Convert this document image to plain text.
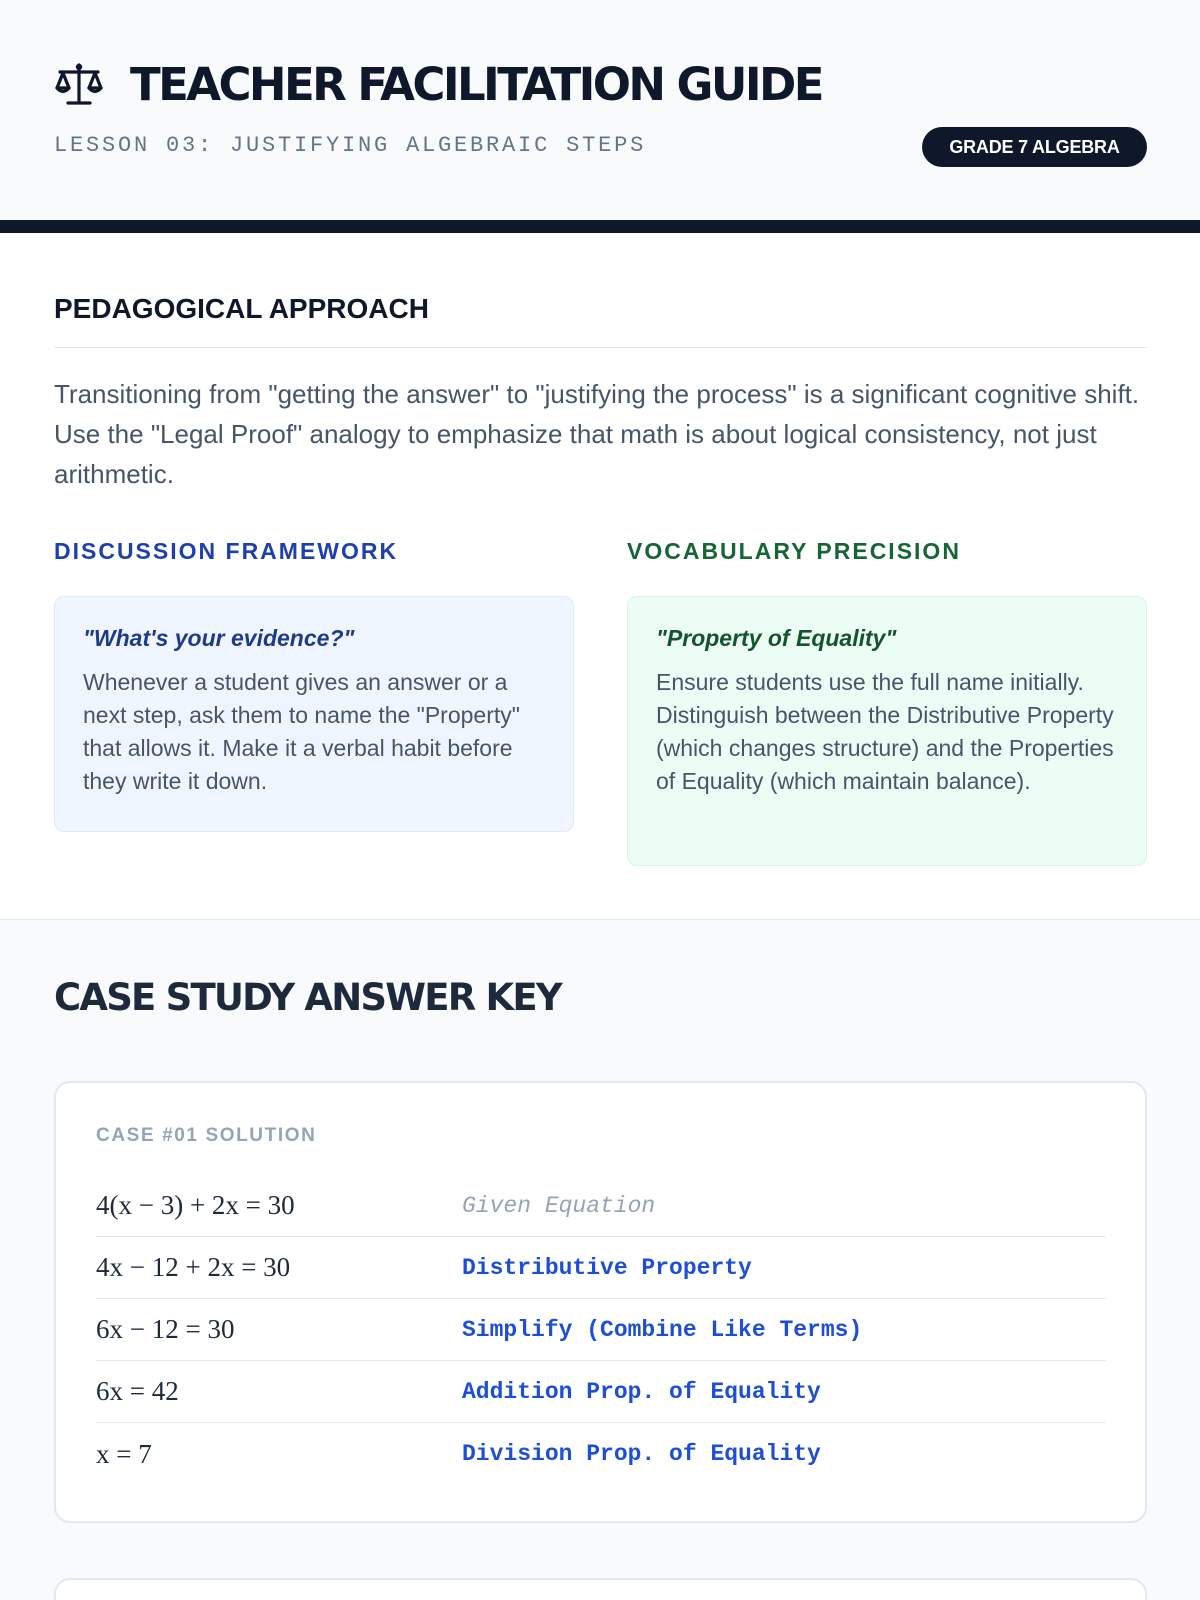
TEACHER FACILITATION GUIDE
LESSON 03: JUSTIFYING ALGEBRAIC STEPS	GRADE 7 ALGEBRA
PEDAGOGICAL APPROACH

Transitioning from "getting the answer" to "justifying the process" is a significant cognitive shift. Use the "Legal Proof" analogy to emphasize that math is about logical consistency, not just arithmetic.

DISCUSSION FRAMEWORK	VOCABULARY PRECISION
"What's your evidence?"
Whenever a student gives an answer or a next step, ask them to name the "Property" that allows it. Make it a verbal habit before they write it down.
"Property of Equality"
Ensure students use the full name initially. Distinguish between the Distributive Property (which changes structure) and the Properties of Equality (which maintain balance).
CASE STUDY ANSWER KEY
CASE #01 SOLUTION
4(x − 3) + 2x = 30	Given Equation
4x − 12 + 2x = 30	Distributive Property
6x − 12 = 30	Simplify (Combine Like Terms)
6x = 42	Addition Prop. of Equality
x = 7	Division Prop. of Equality
